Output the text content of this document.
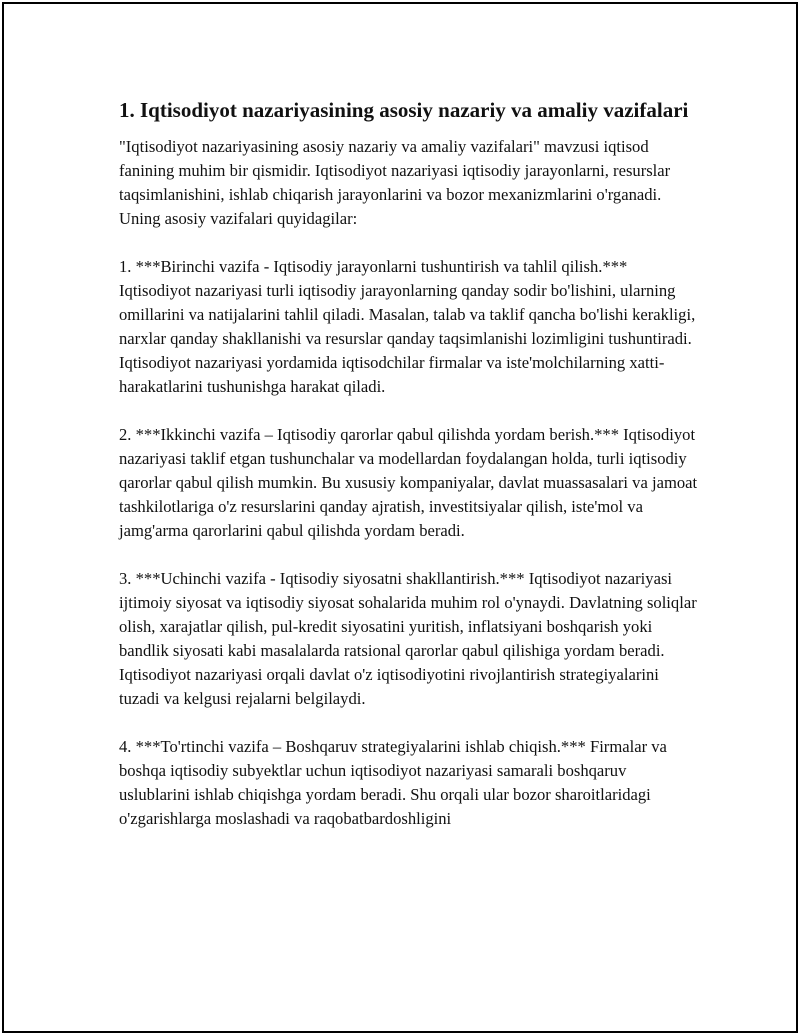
1. Iqtisodiyot nazariyasining asosiy nazariy va amaliy vazifalari

"Iqtisodiyot nazariyasining asosiy nazariy va amaliy vazifalari" mavzusi iqtisod fanining muhim bir qismidir. Iqtisodiyot nazariyasi iqtisodiy jarayonlarni, resurslar taqsimlanishini, ishlab chiqarish jarayonlarini va bozor mexanizmlarini o'rganadi. Uning asosiy vazifalari quyidagilar:

1. ***Birinchi vazifa - Iqtisodiy jarayonlarni tushuntirish va tahlil qilish.*** Iqtisodiyot nazariyasi turli iqtisodiy jarayonlarning qanday sodir bo'lishini, ularning omillarini va natijalarini tahlil qiladi. Masalan, talab va taklif qancha bo'lishi kerakligi, narxlar qanday shakllanishi va resurslar qanday taqsimlanishi lozimligini tushuntiradi. Iqtisodiyot nazariyasi yordamida iqtisodchilar firmalar va iste'molchilarning xatti-harakatlarini tushunishga harakat qiladi.

2. ***Ikkinchi vazifa – Iqtisodiy qarorlar qabul qilishda yordam berish.*** Iqtisodiyot nazariyasi taklif etgan tushunchalar va modellardan foydalangan holda, turli iqtisodiy qarorlar qabul qilish mumkin. Bu xususiy kompaniyalar, davlat muassasalari va jamoat tashkilotlariga o'z resurslarini qanday ajratish, investitsiyalar qilish, iste'mol va jamg'arma qarorlarini qabul qilishda yordam beradi.

3. ***Uchinchi vazifa - Iqtisodiy siyosatni shakllantirish.*** Iqtisodiyot nazariyasi ijtimoiy siyosat va iqtisodiy siyosat sohalarida muhim rol o'ynaydi. Davlatning soliqlar olish, xarajatlar qilish, pul-kredit siyosatini yuritish, inflatsiyani boshqarish yoki bandlik siyosati kabi masalalarda ratsional qarorlar qabul qilishiga yordam beradi. Iqtisodiyot nazariyasi orqali davlat o'z iqtisodiyotini rivojlantirish strategiyalarini tuzadi va kelgusi rejalarni belgilaydi.

4. ***To'rtinchi vazifa – Boshqaruv strategiyalarini ishlab chiqish.*** Firmalar va boshqa iqtisodiy subyektlar uchun iqtisodiyot nazariyasi samarali boshqaruv uslublarini ishlab chiqishga yordam beradi. Shu orqali ular bozor sharoitlaridagi o'zgarishlarga moslashadi va raqobatbardoshligini
